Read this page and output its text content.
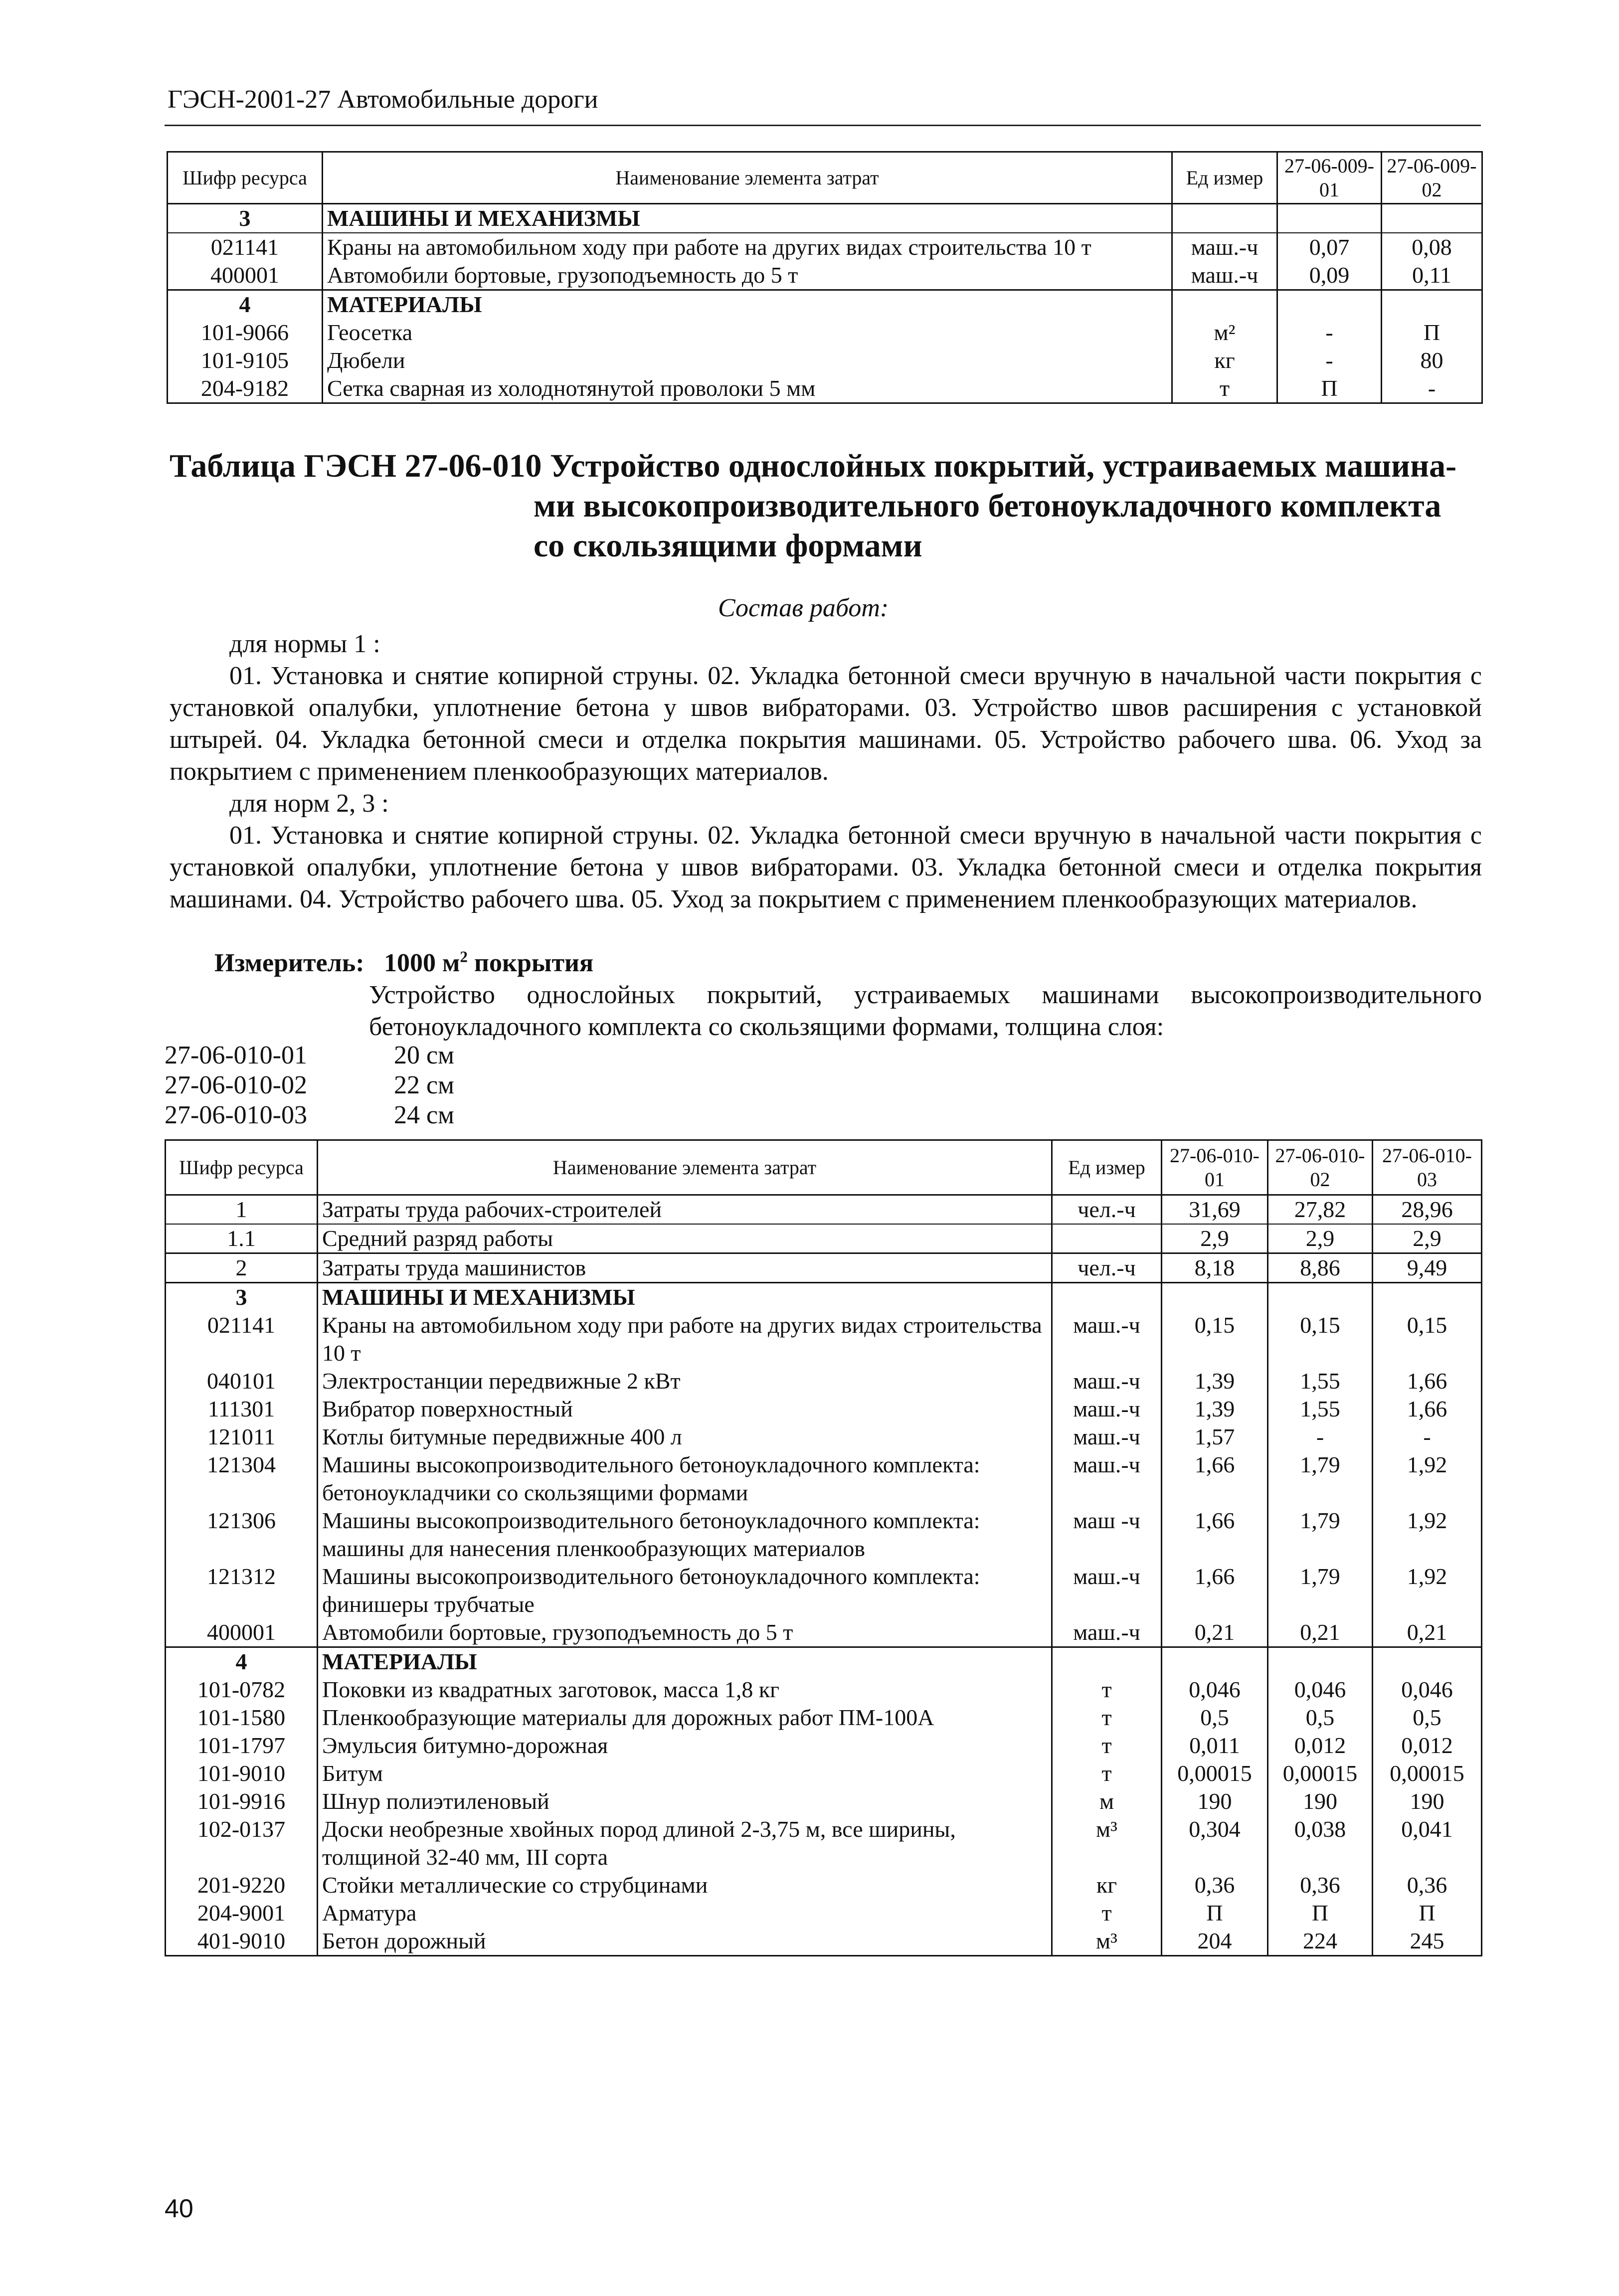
ГЭСН-2001-27 Автомобильные дороги
Шифр ресурса	Наименование элемента затрат	Ед измер	27-06-009-01	27-06-009-02
3	МАШИНЫ И МЕХАНИЗМЫ			
021141	Краны на автомобильном ходу при работе на других видах строительства 10 т	маш.-ч	0,07	0,08
400001	Автомобили бортовые, грузоподъемность до 5 т	маш.-ч	0,09	0,11
4	МАТЕРИАЛЫ			
101-9066	Геосетка	м²	-	П
101-9105	Дюбели	кг	-	80
204-9182	Сетка сварная из холоднотянутой проволоки 5 мм	т	П	-
Таблица ГЭСН 27-06-010 Устройство однослойных покрытий, устраиваемых машина-
ми высокопроизводительного бетоноукладочного комплекта
со скользящими формами
Состав работ:
для нормы 1 :
01. Установка и снятие копирной струны. 02. Укладка бетонной смеси вручную в начальной части покрытия с установкой опалубки, уплотнение бетона у швов вибраторами. 03. Устройство швов расширения с установкой штырей. 04. Укладка бетонной смеси и отделка покрытия машинами. 05. Устройство рабочего шва. 06. Уход за покрытием с применением пленкообразующих материалов.
для норм 2, 3 :
01. Установка и снятие копирной струны. 02. Укладка бетонной смеси вручную в начальной части покрытия с установкой опалубки, уплотнение бетона у швов вибраторами. 03. Укладка бетонной смеси и отделка покрытия машинами. 04. Устройство рабочего шва. 05. Уход за покрытием с применением пленкообразующих материалов.
Измеритель: 1000 $м^2$ покрытия
Устройство однослойных покрытий, устраиваемых машинами высокопроизводительного бетоноукладочного комплекта со скользящими формами, толщина слоя:
27-06-010-01	20 см
27-06-010-02	22 см
27-06-010-03	24 см
Шифр ресурса	Наименование элемента затрат	Ед измер	27-06-010-01	27-06-010-02	27-06-010-03
1	Затраты труда рабочих-строителей	чел.-ч	31,69	27,82	28,96
1.1	Средний разряд работы		2,9	2,9	2,9
2	Затраты труда машинистов	чел.-ч	8,18	8,86	9,49
3	МАШИНЫ И МЕХАНИЗМЫ				
021141	Краны на автомобильном ходу при работе на других видах строительства 10 т	маш.-ч	0,15	0,15	0,15
040101	Электростанции передвижные 2 кВт	маш.-ч	1,39	1,55	1,66
111301	Вибратор поверхностный	маш.-ч	1,39	1,55	1,66
121011	Котлы битумные передвижные 400 л	маш.-ч	1,57	-	-
121304	Машины высокопроизводительного бетоноукладочного комплекта: бетоноукладчики со скользящими формами	маш.-ч	1,66	1,79	1,92
121306	Машины высокопроизводительного бетоноукладочного комплекта: машины для нанесения пленкообразующих материалов	маш -ч	1,66	1,79	1,92
121312	Машины высокопроизводительного бетоноукладочного комплекта: финишеры трубчатые	маш.-ч	1,66	1,79	1,92
400001	Автомобили бортовые, грузоподъемность до 5 т	маш.-ч	0,21	0,21	0,21
4	МАТЕРИАЛЫ				
101-0782	Поковки из квадратных заготовок, масса 1,8 кг	т	0,046	0,046	0,046
101-1580	Пленкообразующие материалы для дорожных работ ПМ-100А	т	0,5	0,5	0,5
101-1797	Эмульсия битумно-дорожная	т	0,011	0,012	0,012
101-9010	Битум	т	0,00015	0,00015	0,00015
101-9916	Шнур полиэтиленовый	м	190	190	190
102-0137	Доски необрезные хвойных пород длиной 2-3,75 м, все ширины, толщиной 32-40 мм, III сорта	м³	0,304	0,038	0,041
201-9220	Стойки металлические со струбцинами	кг	0,36	0,36	0,36
204-9001	Арматура	т	П	П	П
401-9010	Бетон дорожный	м³	204	224	245
40
